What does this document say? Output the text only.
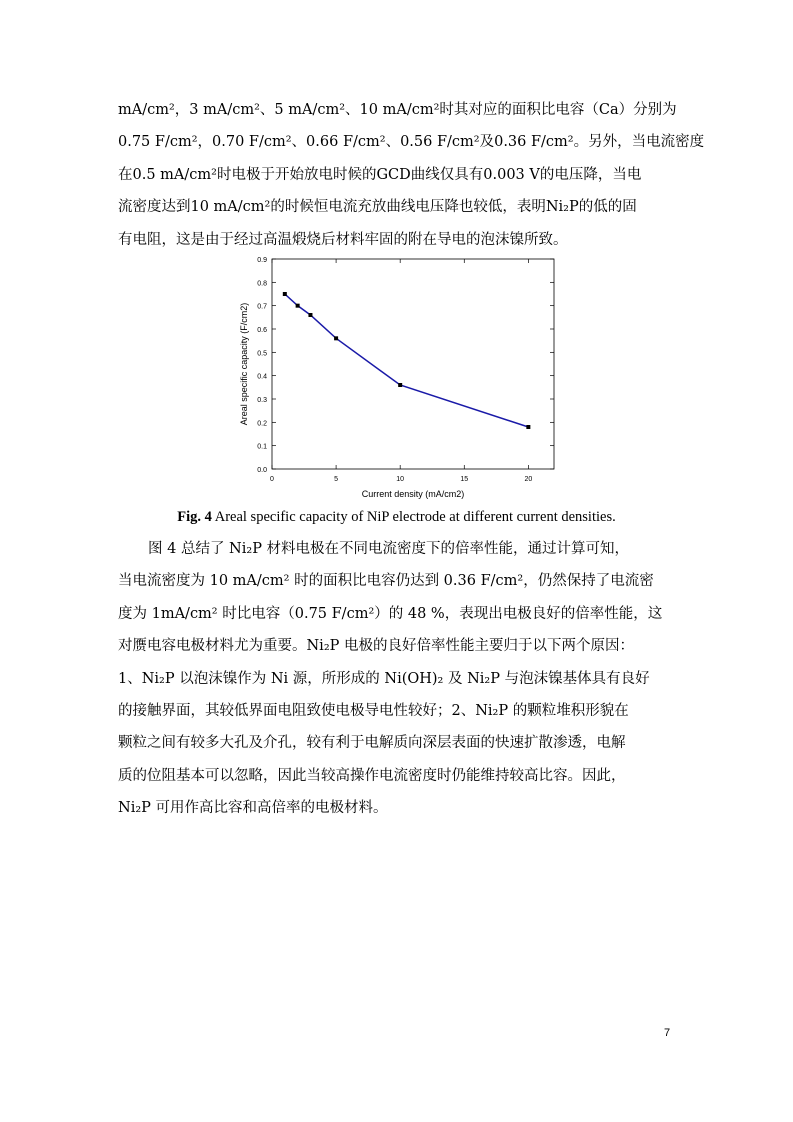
mA/cm²，3 mA/cm²、5 mA/cm²、10 mA/cm²时其对应的面积比电容（Ca）分别为
0.75 F/cm²，0.70 F/cm²、0.66 F/cm²、0.56 F/cm²及0.36 F/cm²。另外，当电流密度
在0.5 mA/cm²时电极于开始放电时候的GCD曲线仅具有0.003 V的电压降，当电
流密度达到10 mA/cm²的时候恒电流充放曲线电压降也较低，表明Ni₂P的低的固
有电阻，这是由于经过高温煅烧后材料牢固的附在导电的泡沫镍所致。
0.0
0.1
0.2
0.3
0.4
0.5
0.6
0.7
0.8
0.9
0	5	10	15	20
Current density (mA/cm2)
Areal specific capacity (F/cm2)
Fig. 4 Areal specific capacity of NiP electrode at different current densities.
图 4 总结了 Ni₂P 材料电极在不同电流密度下的倍率性能，通过计算可知，
当电流密度为 10 mA/cm² 时的面积比电容仍达到 0.36 F/cm²，仍然保持了电流密
度为 1mA/cm² 时比电容（0.75 F/cm²）的 48 %，表现出电极良好的倍率性能，这
对赝电容电极材料尤为重要。Ni₂P 电极的良好倍率性能主要归于以下两个原因：
1、Ni₂P 以泡沫镍作为 Ni 源，所形成的 Ni(OH)₂ 及 Ni₂P 与泡沫镍基体具有良好
的接触界面，其较低界面电阻致使电极导电性较好；2、Ni₂P 的颗粒堆积形貌在
颗粒之间有较多大孔及介孔，较有利于电解质向深层表面的快速扩散渗透，电解
质的位阻基本可以忽略，因此当较高操作电流密度时仍能维持较高比容。因此，
Ni₂P 可用作高比容和高倍率的电极材料。
7
